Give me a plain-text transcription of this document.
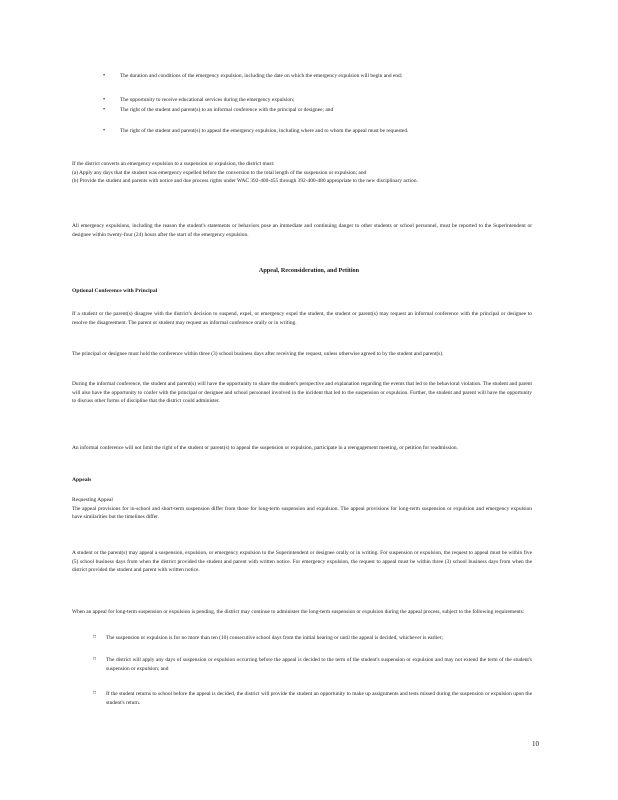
•	The duration and conditions of the emergency expulsion, including the date on which the emergency expulsion will begin and end;
•	The opportunity to receive educational services during the emergency expulsion;
•	The right of the student and parent(s) to an informal conference with the principal or designee; and
•	The right of the student and parent(s) to appeal the emergency expulsion, including where and to whom the appeal must be requested.
If the district converts an emergency expulsion to a suspension or expulsion, the district must:
(a) Apply any days that the student was emergency expelled before the conversion to the total length of the suspension or expulsion; and
(b) Provide the student and parents with notice and due process rights under WAC 392-400-455 through 392-400-480 appropriate to the new disciplinary action.
All emergency expulsions, including the reason the student's statements or behaviors pose an immediate and continuing danger to other students or school personnel, must be reported to the Superintendent or designee within twenty-four (24) hours after the start of the emergency expulsion.
Appeal, Reconsideration, and Petition
Optional Conference with Principal
If a student or the parent(s) disagree with the district's decision to suspend, expel, or emergency expel the student, the student or parent(s) may request an informal conference with the principal or designee to resolve the disagreement. The parent or student may request an informal conference orally or in writing.
The principal or designee must hold the conference within three (3) school business days after receiving the request, unless otherwise agreed to by the student and parent(s).
During the informal conference, the student and parent(s) will have the opportunity to share the student's perspective and explanation regarding the events that led to the behavioral violation. The student and parent will also have the opportunity to confer with the principal or designee and school personnel involved in the incident that led to the suspension or expulsion. Further, the student and parent will have the opportunity to discuss other forms of discipline that the district could administer.
An informal conference will not limit the right of the student or parent(s) to appeal the suspension or expulsion, participate in a reengagement meeting, or petition for readmission.
Appeals
Requesting Appeal
The appeal provisions for in-school and short-term suspension differ from those for long-term suspension and expulsion. The appeal provisions for long-term suspension or expulsion and emergency expulsion have similarities but the timelines differ.
A student or the parent(s) may appeal a suspension, expulsion, or emergency expulsion to the Superintendent or designee orally or in writing. For suspension or expulsion, the request to appeal must be within five (5) school business days from when the district provided the student and parent with written notice. For emergency expulsion, the request to appeal must be within three (3) school business days from when the district provided the student and parent with written notice.
When an appeal for long-term suspension or expulsion is pending, the district may continue to administer the long-term suspension or expulsion during the appeal process, subject to the following requirements:
□ The suspension or expulsion is for no more than ten (10) consecutive school days from the initial hearing or until the appeal is decided, whichever is earlier;
□ The district will apply any days of suspension or expulsion occurring before the appeal is decided to the term of the student's suspension or expulsion and may not extend the term of the student's suspension or expulsion; and
□ If the student returns to school before the appeal is decided, the district will provide the student an opportunity to make up assignments and tests missed during the suspension or expulsion upon the student's return.
10
